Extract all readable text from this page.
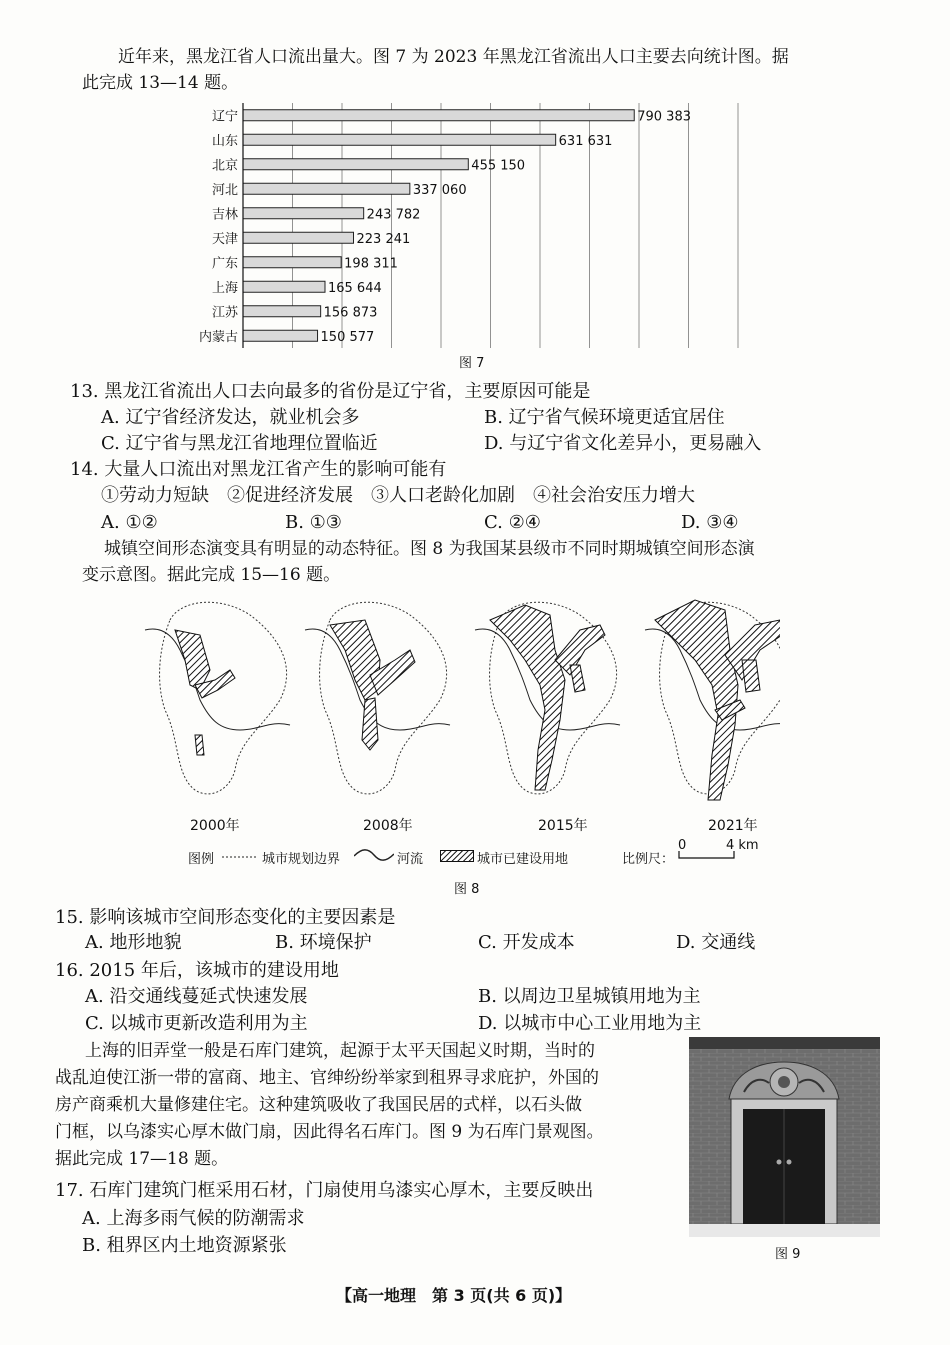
近年来，黑龙江省人口流出量大。图 7 为 2023 年黑龙江省流出人口主要去向统计图。据
此完成 13—14 题。
辽宁	790 383
山东	631 631
北京	455 150
河北	337 060
吉林	243 782
天津	223 241
广东	198 311
上海	165 644
江苏	156 873
内蒙古	150 577
图 7
13. 黑龙江省流出人口去向最多的省份是辽宁省，主要原因可能是
A. 辽宁省经济发达，就业机会多	B. 辽宁省气候环境更适宜居住
C. 辽宁省与黑龙江省地理位置临近	D. 与辽宁省文化差异小，更易融入
14. 大量人口流出对黑龙江省产生的影响可能有
①劳动力短缺　②促进经济发展　③人口老龄化加剧　④社会治安压力增大
A. ①②	B. ①③	C. ②④	D. ③④
城镇空间形态演变具有明显的动态特征。图 8 为我国某县级市不同时期城镇空间形态演
变示意图。据此完成 15—16 题。
2000年	2008年	2015年	2021年
图例	城市规划边界	河流	城市已建设用地	比例尺：
0	4 km
图 8
15. 影响该城市空间形态变化的主要因素是
A. 地形地貌	B. 环境保护	C. 开发成本	D. 交通线
16. 2015 年后，该城市的建设用地
A. 沿交通线蔓延式快速发展	B. 以周边卫星城镇用地为主
C. 以城市更新改造利用为主	D. 以城市中心工业用地为主
上海的旧弄堂一般是石库门建筑，起源于太平天国起义时期，当时的
战乱迫使江浙一带的富商、地主、官绅纷纷举家到租界寻求庇护，外国的
房产商乘机大量修建住宅。这种建筑吸收了我国民居的式样，以石头做
门框，以乌漆实心厚木做门扇，因此得名石库门。图 9 为石库门景观图。
据此完成 17—18 题。
图 9
17. 石库门建筑门框采用石材，门扇使用乌漆实心厚木，主要反映出
A. 上海多雨气候的防潮需求
B. 租界区内土地资源紧张
【高一地理　第 3 页(共 6 页)】
